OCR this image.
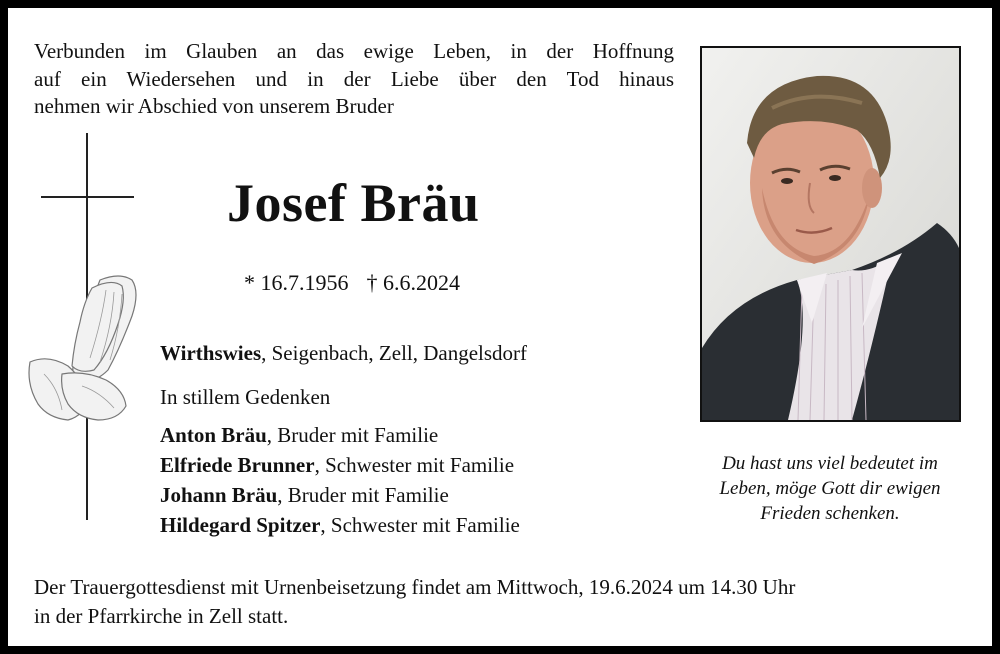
Verbunden im Glauben an das ewige Leben, in der Hoffnung
auf ein Wiedersehen und in der Liebe über den Tod hinaus
nehmen wir Abschied von unserem Bruder

Josef Bräu
* 16.7.1956 † 6.6.2024
Wirthswies, Seigenbach, Zell, Dangelsdorf
In stillem Gedenken
Anton Bräu, Bruder mit Familie
Elfriede Brunner, Schwester mit Familie
Johann Bräu, Bruder mit Familie
Hildegard Spitzer, Schwester mit Familie

Du hast uns viel bedeutet im
Leben, möge Gott dir ewigen
Frieden schenken.

Der Trauergottesdienst mit Urnenbeisetzung findet am Mittwoch, 19.6.2024 um 14.30 Uhr
in der Pfarrkirche in Zell statt.
